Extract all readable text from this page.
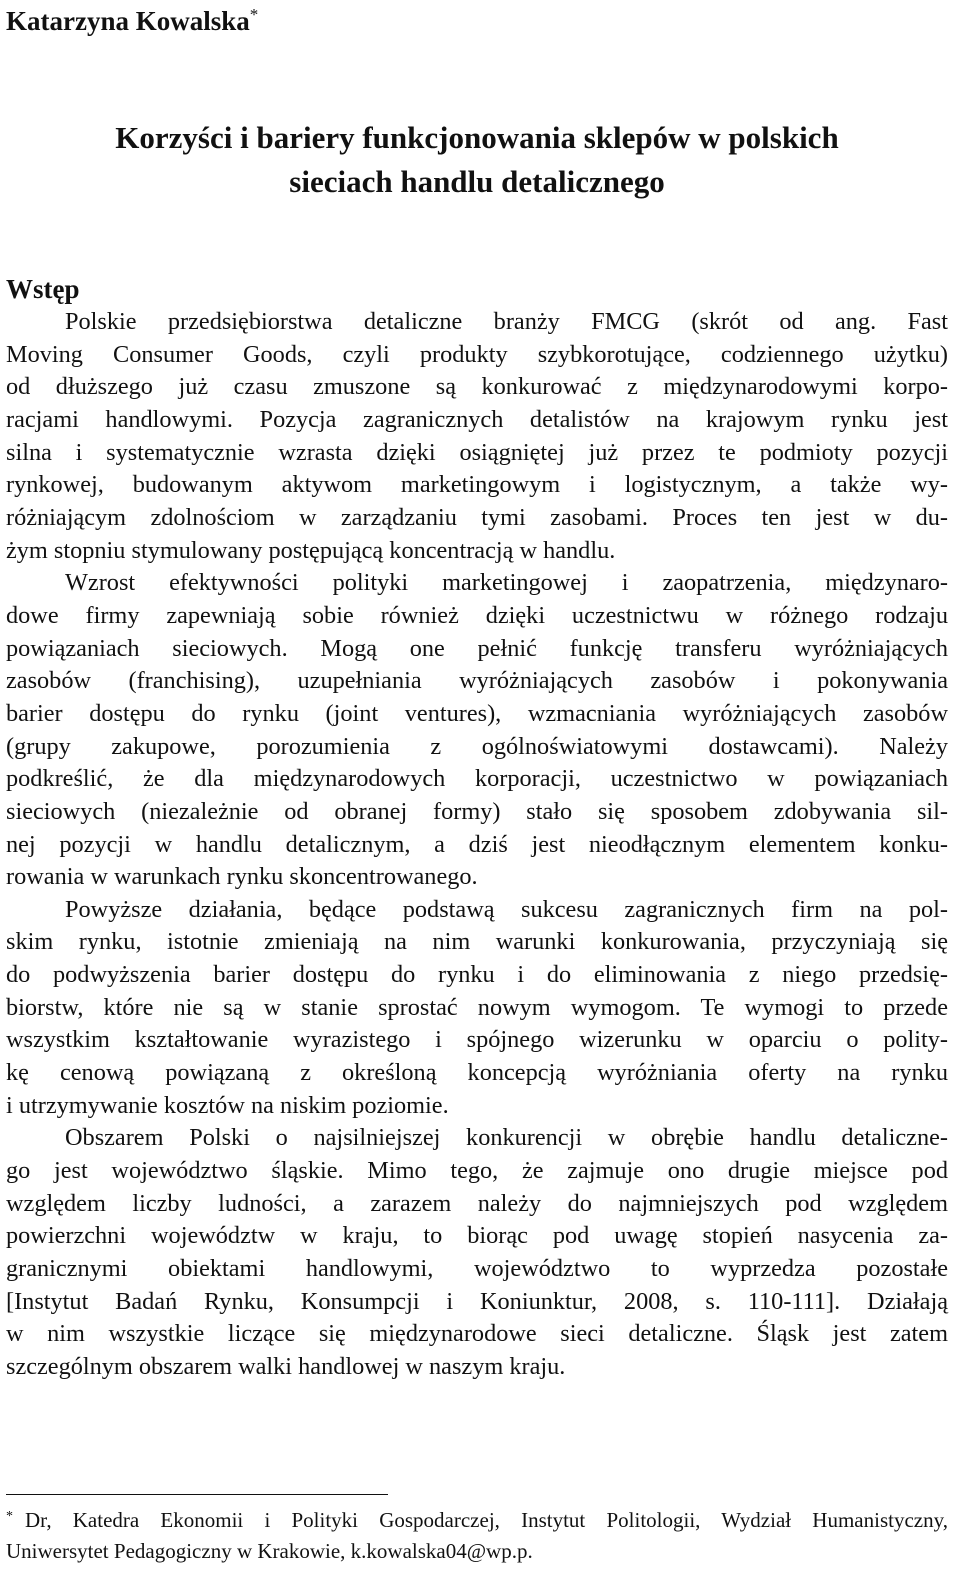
Katarzyna Kowalska*
Korzyści i bariery funkcjonowania sklepów w polskich
sieciach handlu detalicznego
Wstęp

Polskie przedsiębiorstwa detaliczne branży FMCG (skrót od ang. Fast
Moving Consumer Goods, czyli produkty szybkorotujące, codziennego użytku)
od dłuższego już czasu zmuszone są konkurować z międzynarodowymi korpo-
racjami handlowymi. Pozycja zagranicznych detalistów na krajowym rynku jest
silna i systematycznie wzrasta dzięki osiągniętej już przez te podmioty pozycji
rynkowej, budowanym aktywom marketingowym i logistycznym, a także wy-
różniającym zdolnościom w zarządzaniu tymi zasobami. Proces ten jest w du-
żym stopniu stymulowany postępującą koncentracją w handlu.

Wzrost efektywności polityki marketingowej i zaopatrzenia, międzynaro-
dowe firmy zapewniają sobie również dzięki uczestnictwu w różnego rodzaju
powiązaniach sieciowych. Mogą one pełnić funkcję transferu wyróżniających
zasobów (franchising), uzupełniania wyróżniających zasobów i pokonywania
barier dostępu do rynku (joint ventures), wzmacniania wyróżniających zasobów
(grupy zakupowe, porozumienia z ogólnoświatowymi dostawcami). Należy
podkreślić, że dla międzynarodowych korporacji, uczestnictwo w powiązaniach
sieciowych (niezależnie od obranej formy) stało się sposobem zdobywania sil-
nej pozycji w handlu detalicznym, a dziś jest nieodłącznym elementem konku-
rowania w warunkach rynku skoncentrowanego.

Powyższe działania, będące podstawą sukcesu zagranicznych firm na pol-
skim rynku, istotnie zmieniają na nim warunki konkurowania, przyczyniają się
do podwyższenia barier dostępu do rynku i do eliminowania z niego przedsię-
biorstw, które nie są w stanie sprostać nowym wymogom. Te wymogi to przede
wszystkim kształtowanie wyrazistego i spójnego wizerunku w oparciu o polity-
kę cenową powiązaną z określoną koncepcją wyróżniania oferty na rynku
i utrzymywanie kosztów na niskim poziomie.

Obszarem Polski o najsilniejszej konkurencji w obrębie handlu detaliczne-
go jest województwo śląskie. Mimo tego, że zajmuje ono drugie miejsce pod
względem liczby ludności, a zarazem należy do najmniejszych pod względem
powierzchni województw w kraju, to biorąc pod uwagę stopień nasycenia za-
granicznymi obiektami handlowymi, województwo to wyprzedza pozostałe
[Instytut Badań Rynku, Konsumpcji i Koniunktur, 2008, s. 110-111]. Działają
w nim wszystkie liczące się międzynarodowe sieci detaliczne. Śląsk jest zatem
szczególnym obszarem walki handlowej w naszym kraju.

* Dr, Katedra Ekonomii i Polityki Gospodarczej, Instytut Politologii, Wydział Humanistyczny,
Uniwersytet Pedagogiczny w Krakowie, k.kowalska04@wp.p.
